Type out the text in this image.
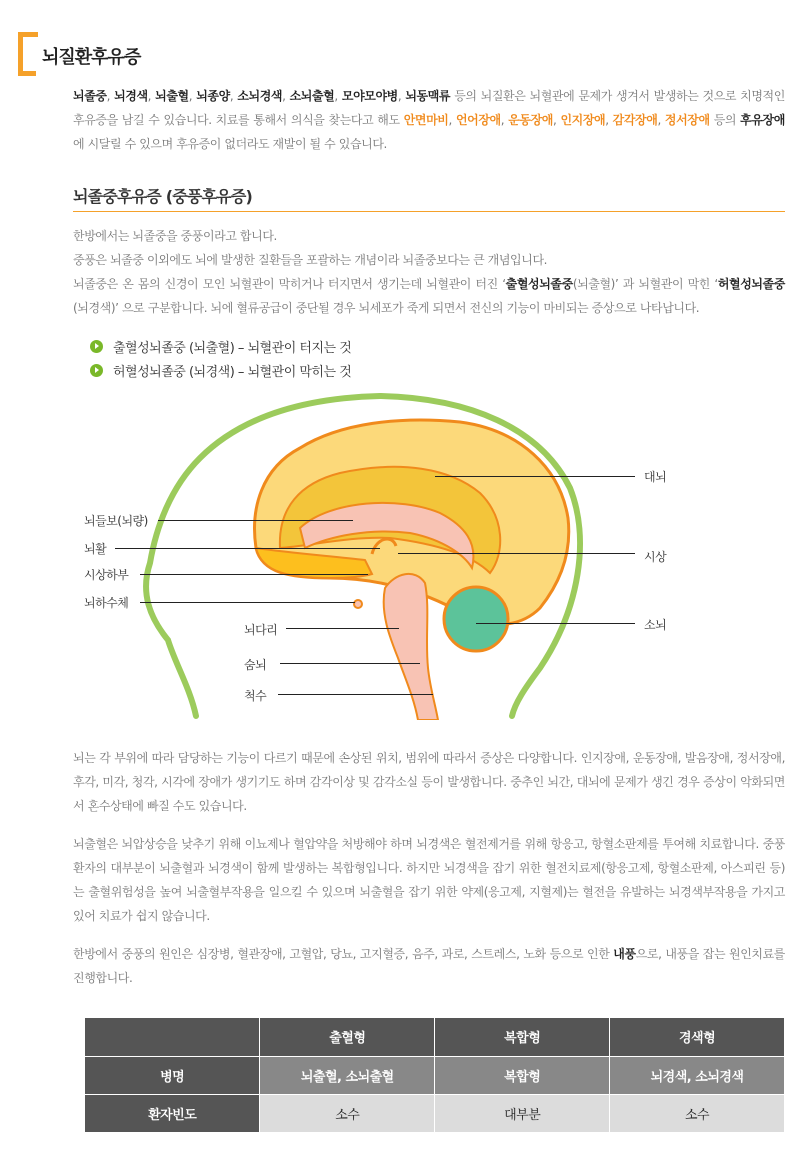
뇌질환후유증
뇌졸중, 뇌경색, 뇌출혈, 뇌종양, 소뇌경색, 소뇌출혈, 모야모야병, 뇌동맥류 등의 뇌질환은 뇌혈관에 문제가 생겨서 발생하는 것으로 치명적인 후유증을 남길 수 있습니다. 치료를 통해서 의식을 찾는다고 해도 안면마비, 언어장애, 운동장애, 인지장애, 감각장애, 정서장애 등의 후유장애에 시달릴 수 있으며 후유증이 없더라도 재발이 될 수 있습니다.
뇌졸중후유증 (중풍후유증)
한방에서는 뇌졸중을 중풍이라고 합니다.
중풍은 뇌졸중 이외에도 뇌에 발생한 질환들을 포괄하는 개념이라 뇌졸중보다는 큰 개념입니다.
뇌졸중은 온 몸의 신경이 모인 뇌혈관이 막히거나 터지면서 생기는데 뇌혈관이 터진 ‘출혈성뇌졸중(뇌출혈)’ 과 뇌혈관이 막힌 ‘허혈성뇌졸중(뇌경색)’ 으로 구분합니다. 뇌에 혈류공급이 중단될 경우 뇌세포가 죽게 되면서 전신의 기능이 마비되는 증상으로 나타납니다.
출혈성뇌졸중 (뇌출혈) – 뇌혈관이 터지는 것
허혈성뇌졸중 (뇌경색) – 뇌혈관이 막히는 것
대뇌
뇌들보(뇌량)
뇌활
시상
시상하부
뇌하수체
소뇌
뇌다리
숨뇌
척수
뇌는 각 부위에 따라 담당하는 기능이 다르기 때문에 손상된 위치, 범위에 따라서 증상은 다양합니다. 인지장애, 운동장애, 발음장애, 정서장애, 후각, 미각, 청각, 시각에 장애가 생기기도 하며 감각이상 및 감각소실 등이 발생합니다. 중추인 뇌간, 대뇌에 문제가 생긴 경우 증상이 악화되면서 혼수상태에 빠질 수도 있습니다.
뇌출혈은 뇌압상승을 낮추기 위해 이뇨제나 혈압약을 처방해야 하며 뇌경색은 혈전제거를 위해 항응고, 항혈소판제를 투여해 치료합니다. 중풍환자의 대부분이 뇌출혈과 뇌경색이 함께 발생하는 복합형입니다. 하지만 뇌경색을 잡기 위한 혈전치료제(항응고제, 항혈소판제, 아스피린 등)는 출혈위험성을 높여 뇌출혈부작용을 일으킬 수 있으며 뇌출혈을 잡기 위한 약제(응고제, 지혈제)는 혈전을 유발하는 뇌경색부작용을 가지고 있어 치료가 쉽지 않습니다.
한방에서 중풍의 원인은 심장병, 혈관장애, 고혈압, 당뇨, 고지혈증, 음주, 과로, 스트레스, 노화 등으로 인한 내풍으로, 내풍을 잡는 원인치료를 진행합니다.
	출혈형	복합형	경색형
병명	뇌출혈, 소뇌출혈	복합형	뇌경색, 소뇌경색
환자빈도	소수	대부분	소수
